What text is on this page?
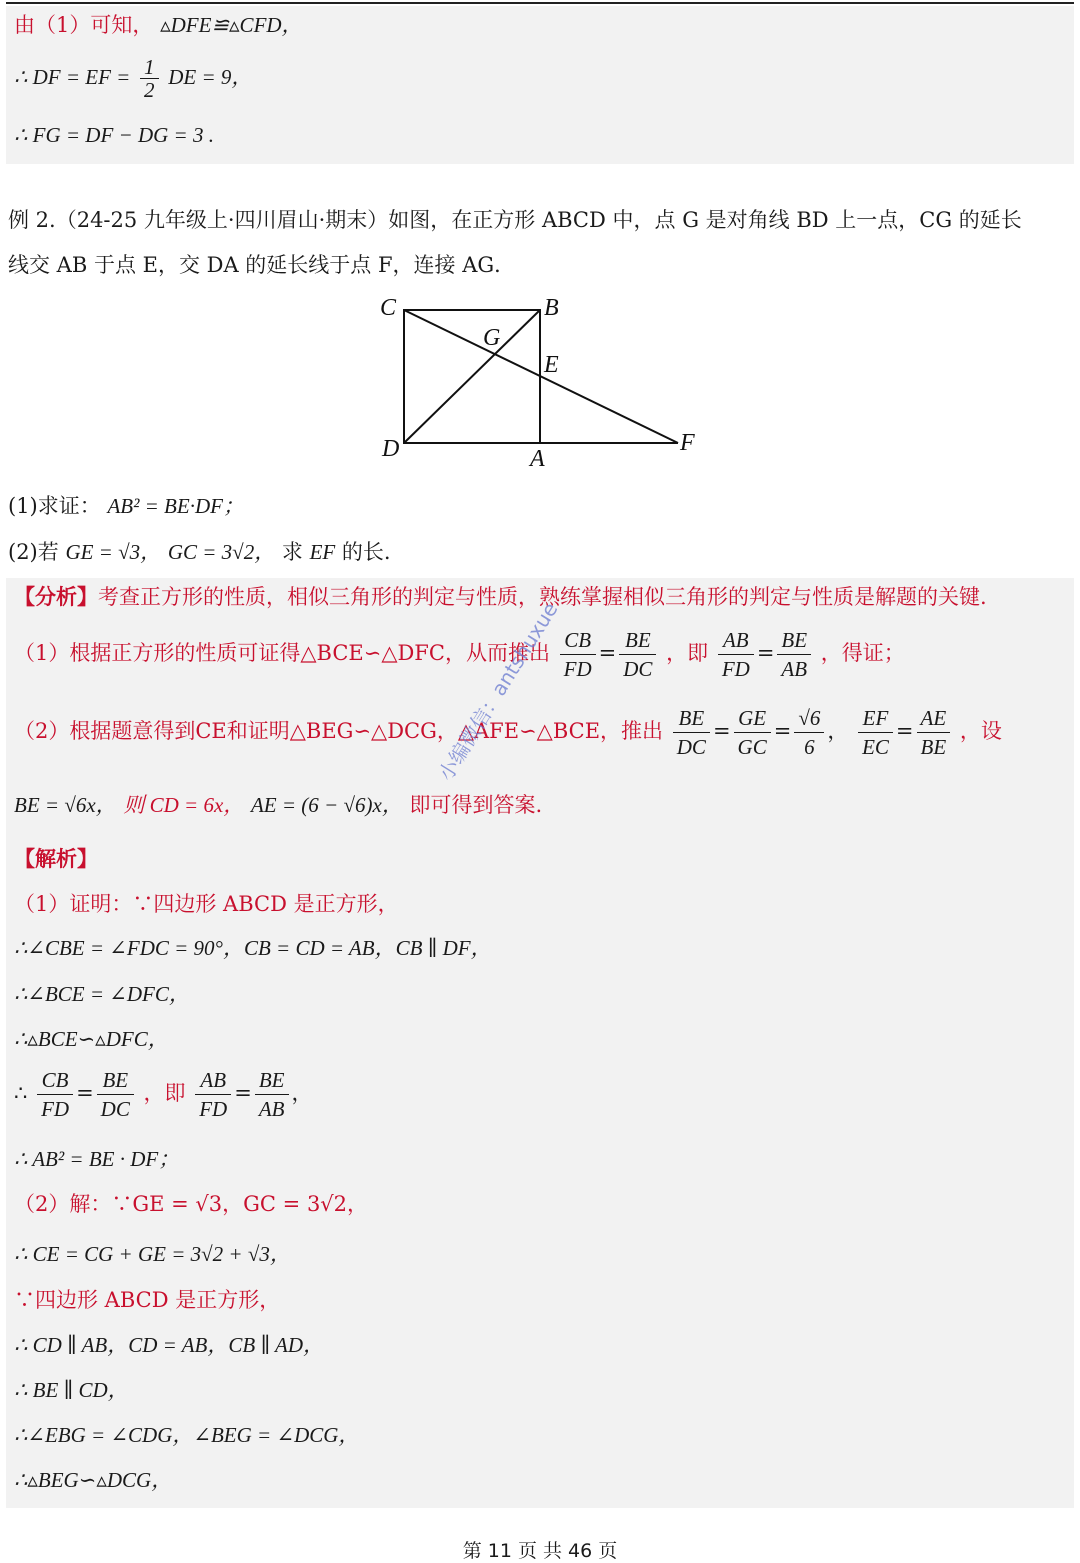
由（1）可知， ▵DFE≌▵CFD，
∴ DF = EF = $\frac{1}{2}$ DE = 9，
∴ FG = DF − DG = 3 .
例 2.（24-25 九年级上·四川眉山·期末）如图，在正方形 ABCD 中，点 G 是对角线 BD 上一点，CG 的延长
线交 AB 于点 E，交 DA 的延长线于点 F，连接 AG．
C	B
G
E
D	A
F
(1)求证： AB² = BE·DF；
(2)若 GE = √3， GC = 3√2， 求 EF 的长.
【分析】考查正方形的性质，相似三角形的判定与性质，熟练掌握相似三角形的判定与性质是解题的关键.
（1）根据正方形的性质可证得△BCE∽△DFC，从而推出 $\frac{CB}{FD} = \frac{BE}{DC}$ ，即 $\frac{AB}{FD} = \frac{BE}{AB}$ ，得证；
（2）根据题意得到CE和证明△BEG∽△DCG，△AFE∽△BCE，推出 $\frac{BE}{DC} = \frac{GE}{GC} = \frac{√6}{6}$ ， $\frac{EF}{EC} = \frac{AE}{BE}$ ，设
BE = √6x， 则 CD = 6x， AE = (6 − √6)x， 即可得到答案.
【解析】
（1）证明：∵四边形 ABCD 是正方形，
∴∠CBE = ∠FDC = 90°，CB = CD = AB，CB ∥ DF，
∴∠BCE = ∠DFC，
∴▵BCE∽▵DFC，
∴ $\frac{CB}{FD} = \frac{BE}{DC}$ ，即 $\frac{AB}{FD} = \frac{BE}{AB}$ ，
∴ AB² = BE · DF；
（2）解：∵GE = √3，GC = 3√2，
∴ CE = CG + GE = 3√2 + √3，
∵四边形 ABCD 是正方形，
∴ CD ∥ AB，CD = AB，CB ∥ AD，
∴ BE ∥ CD，
∴∠EBG = ∠CDG，∠BEG = ∠DCG，
∴▵BEG∽▵DCG，
小编微信：antshuxue
第 11 页 共 46 页
